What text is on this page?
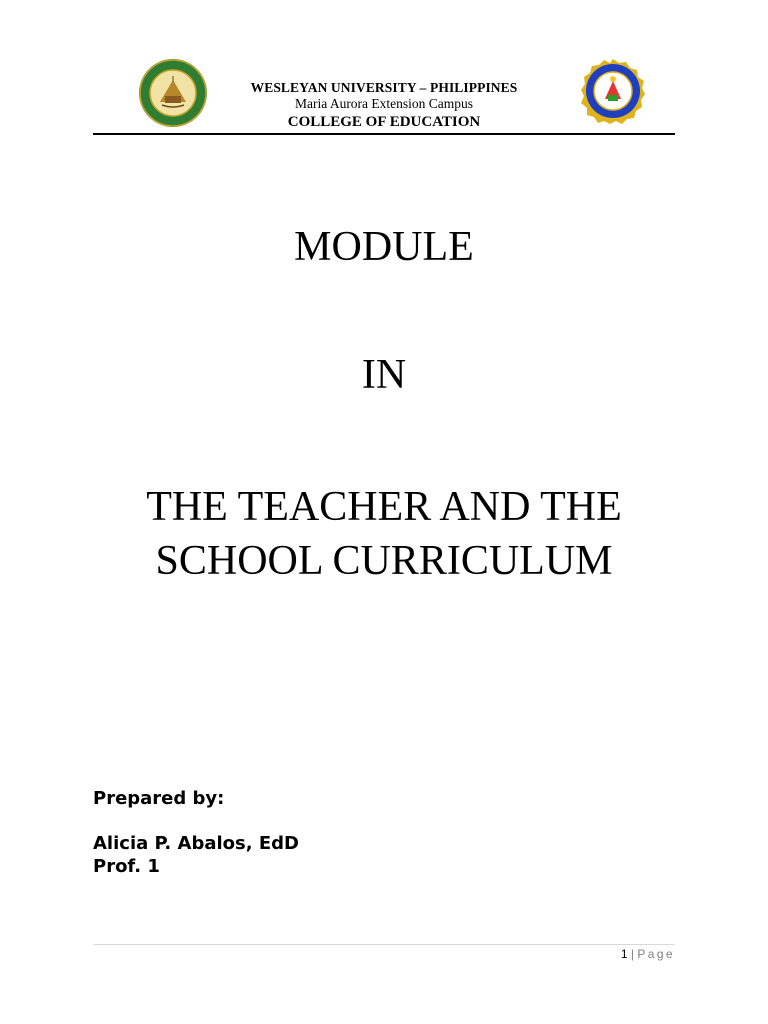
WESLEYAN UNIVERSITY – PHILIPPINES
Maria Aurora Extension Campus
COLLEGE OF EDUCATION
MODULE
IN
THE TEACHER AND THE
SCHOOL CURRICULUM
Prepared by:
Alicia P. Abalos, EdD
Prof. 1
1 | Page
